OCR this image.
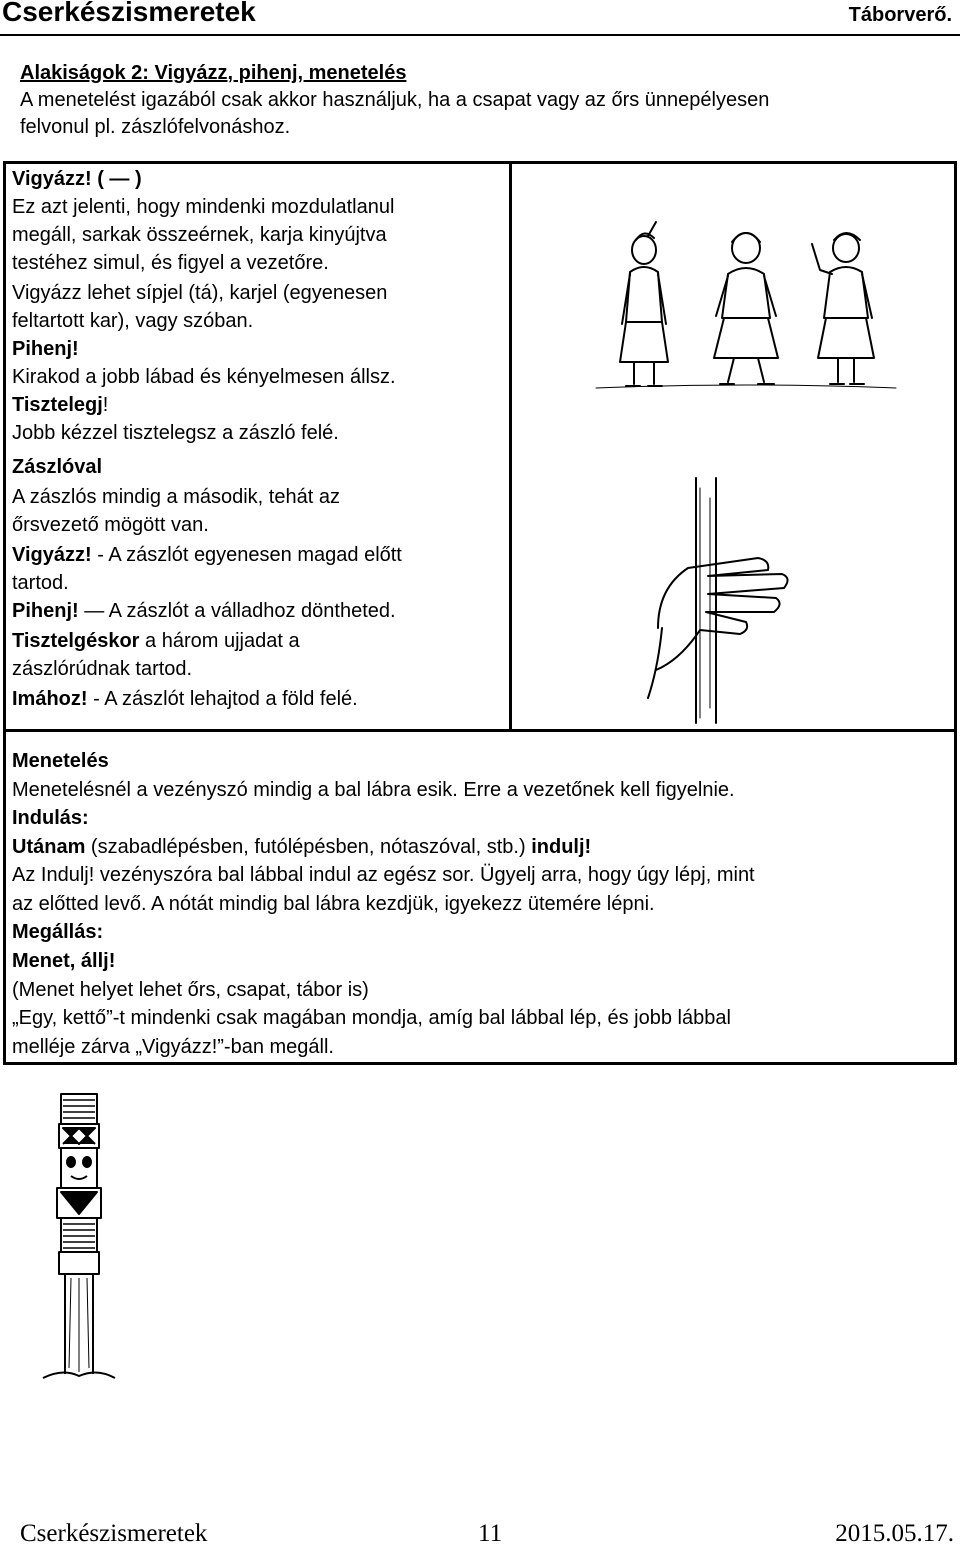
Cserkészismeretek	Táborverő.
Alakiságok 2: Vigyázz, pihenj, menetelés
A menetelést igazából csak akkor használjuk, ha a csapat vagy az őrs ünnepélyesen
felvonul pl. zászlófelvonáshoz.
Vigyázz! ( — )
Ez azt jelenti, hogy mindenki mozdulatlanul
megáll, sarkak összeérnek, karja kinyújtva
testéhez simul, és figyel a vezetőre.
Vigyázz lehet sípjel (tá), karjel (egyenesen
feltartott kar), vagy szóban.
Pihenj!
Kirakod a jobb lábad és kényelmesen állsz.
Tisztelegj!
Jobb kézzel tisztelegsz a zászló felé.
Zászlóval
A zászlós mindig a második, tehát az
őrsvezető mögött van.
Vigyázz! - A zászlót egyenesen magad előtt
tartod.
Pihenj! — A zászlót a válladhoz döntheted.
Tisztelgéskor a három ujjadat a
zászlórúdnak tartod.
Imához! - A zászlót lehajtod a föld felé.
Menetelés
Menetelésnél a vezényszó mindig a bal lábra esik. Erre a vezetőnek kell figyelnie.
Indulás:
Utánam (szabadlépésben, futólépésben, nótaszóval, stb.) indulj!
Az Indulj! vezényszóra bal lábbal indul az egész sor. Ügyelj arra, hogy úgy lépj, mint
az előtted levő. A nótát mindig bal lábra kezdjük, igyekezz ütemére lépni.
Megállás:
Menet, állj!
(Menet helyet lehet őrs, csapat, tábor is)
„Egy, kettő”-t mindenki csak magában mondja, amíg bal lábbal lép, és jobb lábbal
melléje zárva „Vigyázz!”-ban megáll.
Cserkészismeretek	11	2015.05.17.
